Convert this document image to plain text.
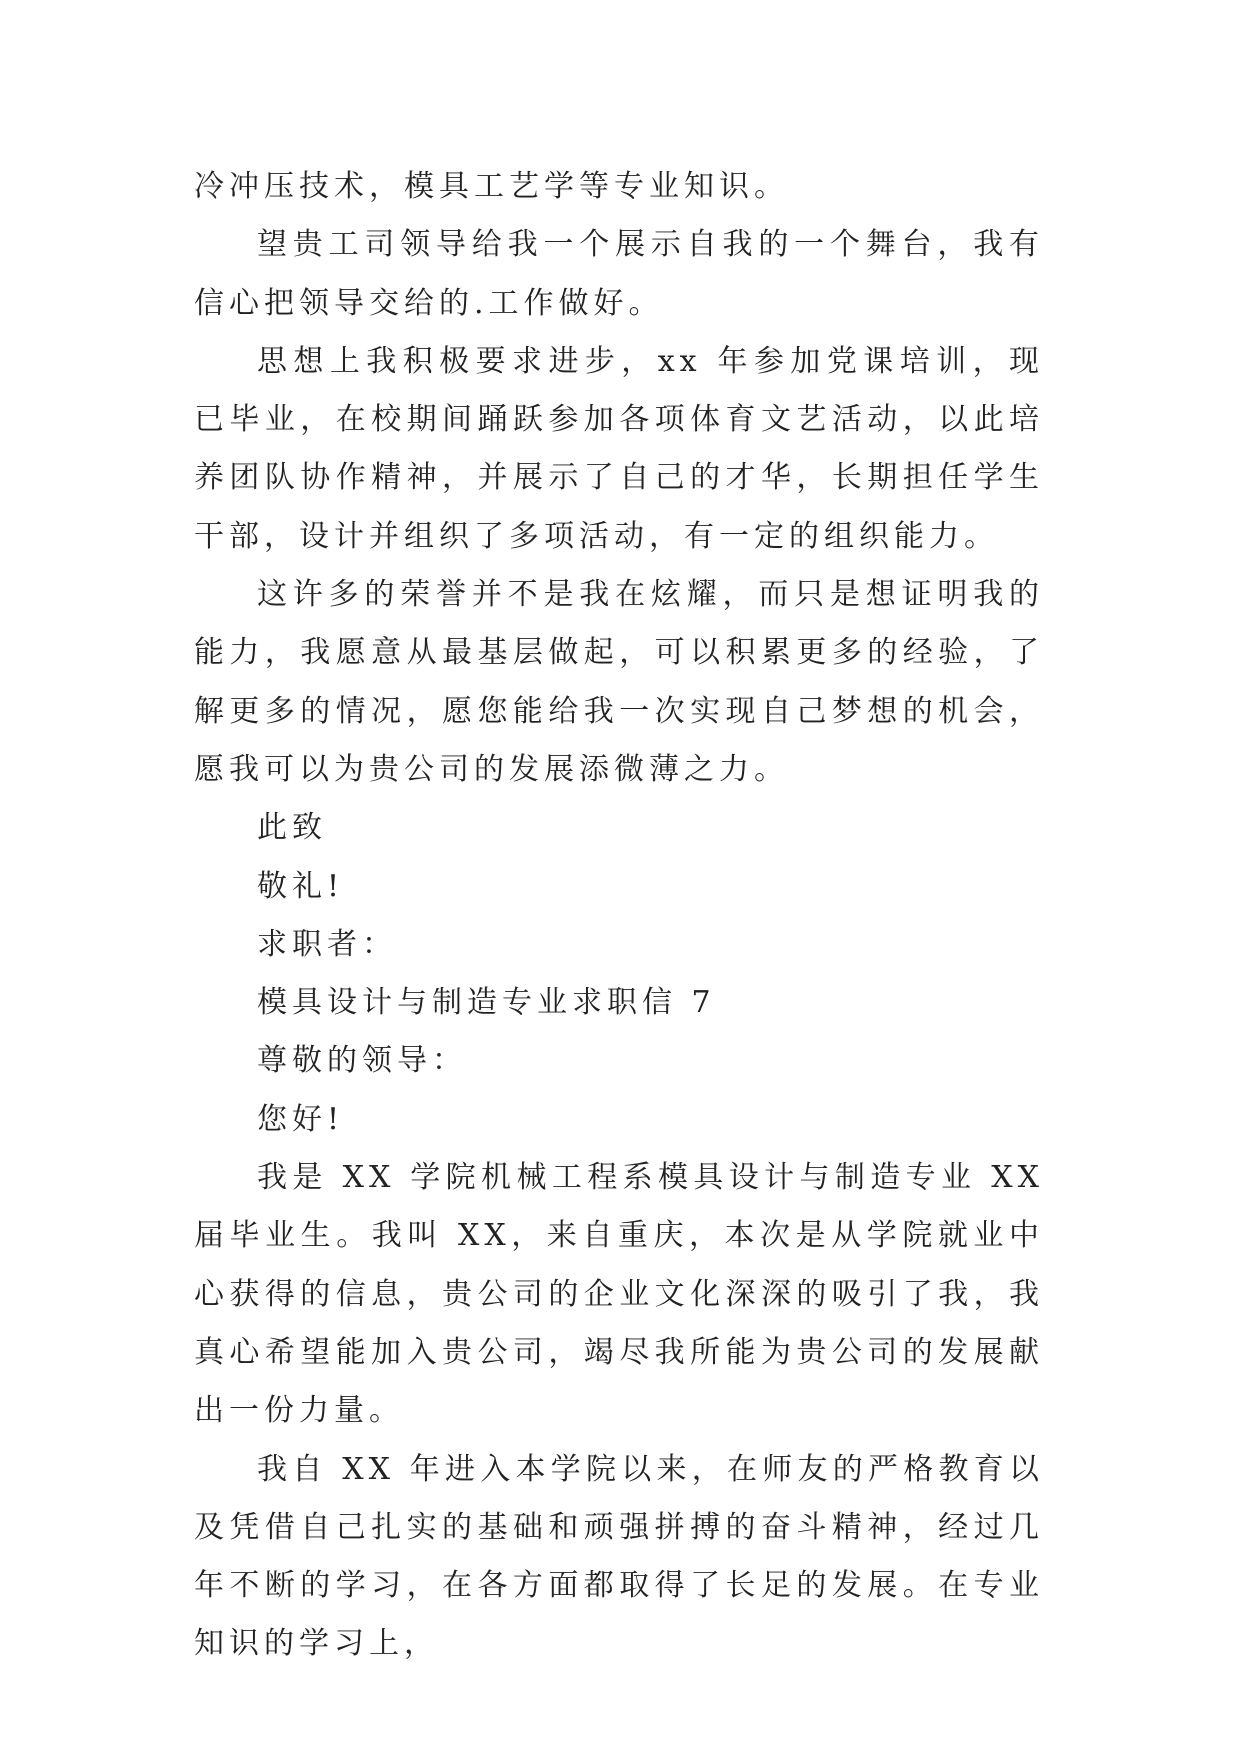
冷冲压技术，模具工艺学等专业知识。

望贵工司领导给我一个展示自我的一个舞台，我有信心把领导交给的.工作做好。

思想上我积极要求进步，xx 年参加党课培训，现已毕业，在校期间踊跃参加各项体育文艺活动，以此培养团队协作精神，并展示了自己的才华，长期担任学生干部，设计并组织了多项活动，有一定的组织能力。

这许多的荣誉并不是我在炫耀，而只是想证明我的能力，我愿意从最基层做起，可以积累更多的经验，了解更多的情况，愿您能给我一次实现自己梦想的机会，愿我可以为贵公司的发展添微薄之力。

此致

敬礼!

求职者：

模具设计与制造专业求职信 7

尊敬的领导：

您好!

我是 XX 学院机械工程系模具设计与制造专业 XX 届毕业生。我叫 XX，来自重庆，本次是从学院就业中心获得的信息，贵公司的企业文化深深的吸引了我，我真心希望能加入贵公司，竭尽我所能为贵公司的发展献出一份力量。

我自 XX 年进入本学院以来，在师友的严格教育以及凭借自己扎实的基础和顽强拼搏的奋斗精神，经过几年不断的学习，在各方面都取得了长足的发展。在专业知识的学习上，
